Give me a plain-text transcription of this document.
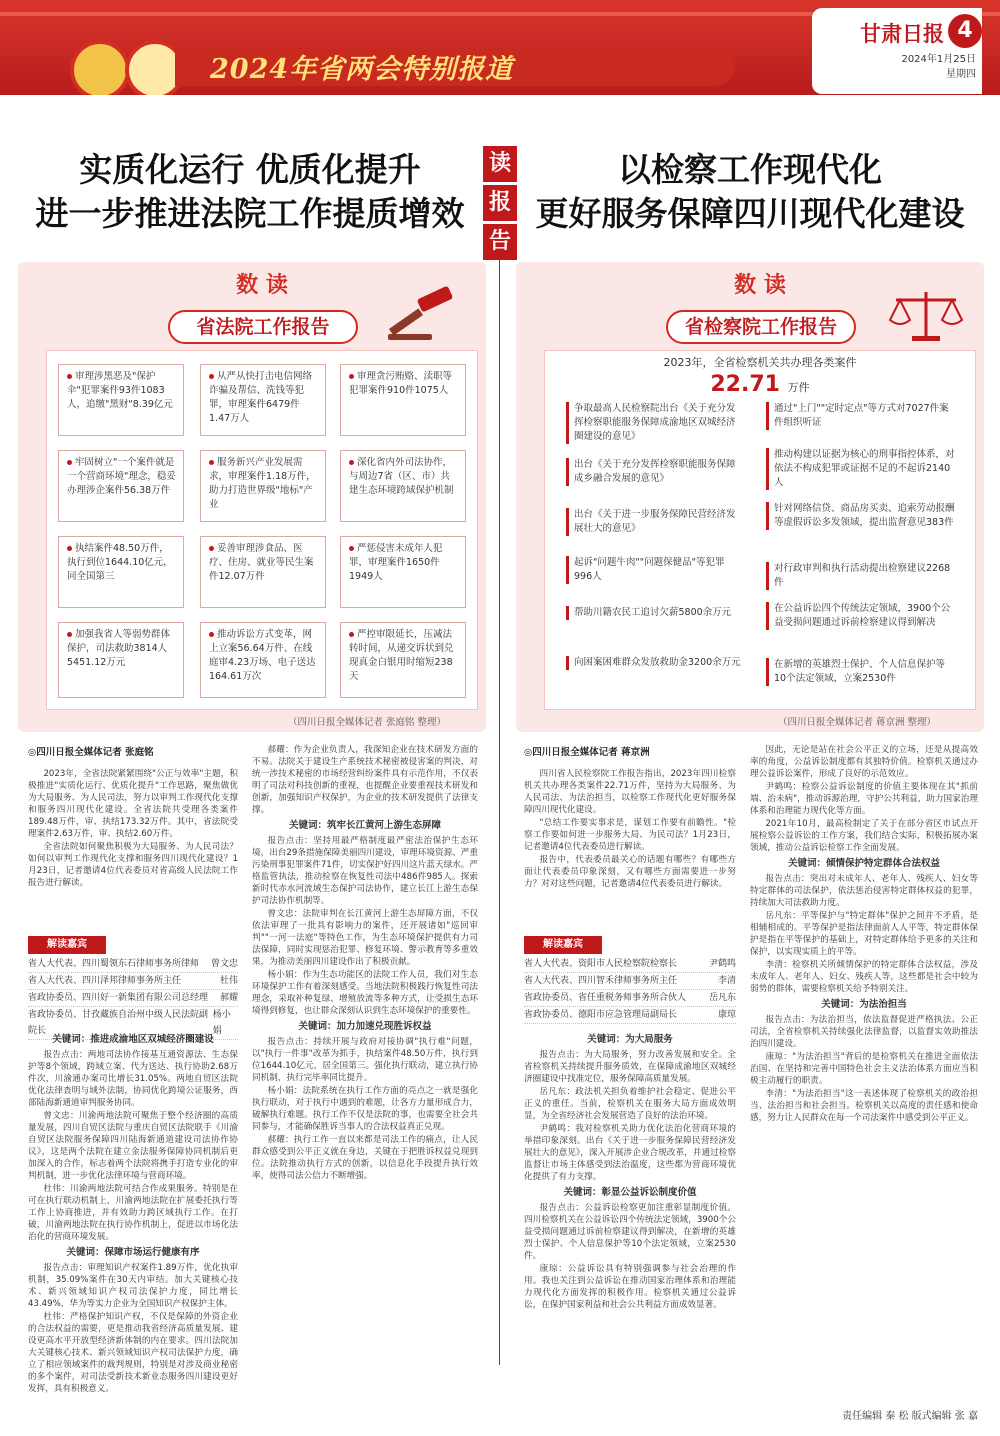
2024年省两会特别报道
甘肃日报 4
2024年1月25日
星期四
实质化运行 优质化提升
进一步推进法院工作提质增效
以检察工作现代化
更好服务保障四川现代化建设
读
报
告
数 读
省法院工作报告
审理涉黑恶及"保护伞"犯罪案件93件1083人，追缴"黑财"8.39亿元
从严从快打击电信网络诈骗及帮信、洗钱等犯罪，审理案件6479件1.47万人
审理贪污贿赂、渎职等犯罪案件910件1075人
牢固树立"一个案件就是一个营商环境"理念，稳妥办理涉企案件56.38万件
服务新兴产业发展需求，审理案件1.18万件，助力打造世界级"地标"产业
深化省内外司法协作，与周边7省（区、市）共建生态环境跨域保护机制
执结案件48.50万件，执行到位1644.10亿元，同全国第三
妥善审理涉食品、医疗、住房、就业等民生案件12.07万件
严惩侵害未成年人犯罪，审理案件1650件1949人
加强我省人等弱势群体保护，司法救助3814人5451.12万元
推动诉讼方式变革，网上立案56.64万件、在线庭审4.23万场、电子送达164.61万次
严控审限延长，压减法转时间，从递交诉状到兑现真金白银用时缩短238天
（四川日报全媒体记者 张庭铭 整理）
数 读
省检察院工作报告
2023年，全省检察机关共办理各类案件
22.71 万件
争取最高人民检察院出台《关于充分发挥检察职能服务保障成渝地区双城经济圈建设的意见》
出台《关于充分发挥检察职能服务保障成乡融合发展的意见》
出台《关于进一步服务保障民营经济发展壮大的意见》
起诉"问题牛肉""问题保健品"等犯罪996人
帮助川籍农民工追讨欠薪5800余万元
向困案困难群众发放救助金3200余万元
通过"上门""定时定点"等方式对7027件案件组织听证
推动构建以证据为核心的刑事指控体系，对依法不构成犯罪或证据不足的不起诉2140人
针对网络信贷、商品房买卖、追索劳动报酬等虚假诉讼多发领域，提出监督意见383件
对行政审判和执行活动提出检察建议2268件
在公益诉讼四个传统法定领域，3900个公益受损问题通过诉前检察建议得到解决
在新增的英雄烈士保护、个人信息保护等10个法定领域，立案2530件
（四川日报全媒体记者 蒋京洲 整理）
◎四川日报全媒体记者 张庭铭

2023年，全省法院紧紧围绕"公正与效率"主题，积极推进"实质化运行、优质化提升"工作思路，聚焦做优为大局服务、为人民司法，努力以审判工作现代化支撑和服务四川现代化建设。全省法院共受理各类案件189.48万件，审、执结173.32万件。其中，省法院受理案件2.63万件，审、执结2.60万件。

全省法院如何聚焦积极为大局服务、为人民司法？如何以审判工作现代化支撑和服务四川现代化建设？1月23日，记者邀请4位代表委员对省高级人民法院工作报告进行解读。

解读嘉宾
省人大代表、四川蜀领东石律师事务所律师 曾文忠
省人大代表、四川泽邦律师事务所主任	杜伟
省政协委员、四川好一新集团有限公司总经理 郝耀
省政协委员、甘孜藏族自治州中级人民法院副院长
杨小娟

关键词：推进成渝地区双城经济圈建设

报告点击：两地司法协作接基互通资源法、生态保护等8个领域，跨域立案、代为送达、执行协助2.68万件次，川渝通办案司比增长31.05%。两地自贸区法院优化法律查明与域外法制，协同优化跨境公证服务，西部陆海新通道审判服务协同。

曾文忠：川渝两地法院可聚焦于整个经济圈的高质量发展，四川自贸区法院与重庆自贸区法院联手《川渝自贸区法院服务保障四川陆海新通道建设司法协作协议》，这是两个法院在建立金法服务保障协同机制后更加深入的合作，标志着两个法院将携手打造专业化的审判机制，进一步优化法律环境与营商环境。

杜伟：川渝两地法院可结合作成果服务。特别是在可在执行联动机制上，川渝两地法院在扩展委托执行等工作上协商推进，并有效助力跨区域执行工作。在打破，川渝两地法院在执行协作机制上，促进以市场化法治化的营商环境发展。

关键词：保障市场运行健康有序

报告点击：审理知识产权案件1.89万件，优化执审机制，35.09%案件在30天内审结。加大关键核心技术、新兴领域知识产权司法保护力度，同比增长43.49%，华为等实力企业为全国知识产权保护主体。

杜伟：严格保护知识产权，不仅是保障的外资企业的合法权益的需要，更是推动我省经济高质量发展、建设更高水平开放型经济新体制的内在要求。四川法院加大关键核心技术、新兴领域知识产权司法保护力度，确立了相应领域案件的裁判规则，特别是对涉及商业秘密的多个案件，对司法受新技术新业态服务四川建设更好发挥，具有积极意义。

郝耀：作为企业负责人，我深知企业在技术研发方面的不易。法院关于建设生产系统技术秘密被侵害案的判决，对统一涉技术秘密的市场经营纠纷案件具有示范作用，不仅表明了司法对科技创新的重视，也提醒企业要重视技术研发和创新，加强知识产权保护，为企业的技术研发提供了法律支撑。

关键词：筑牢长江黄河上游生态屏障

报告点击：坚持用最严格制度最严密法治保护生态环境，出台29条措施保障美丽四川建设，审理环境资源、严重污染刑事犯罪案件71件，切实保护好四川这片蓝天绿水。严格监管执法，推动检察在恢复性司法中486件985人。探索新时代赤水河流域生态保护司法协作，建立长江上游生态保护司法协作机制等。

曾文忠：法院审判在长江黄河上游生态屏障方面，不仅依法审理了一批具有影响力的案件，还开展诸如"巡回审判""一河一法庭"等特色工作，为生态环境保护提供有力司法保障，同时实现惩治犯罪、修复环境、警示教育等多重效果，为推动美丽四川建设作出了积极贡献。

杨小娟：作为生态功能区的法院工作人员，我们对生态环境保护工作有着深刻感受。当地法院积极践行恢复性司法理念，采取补种复绿、增殖放流等多种方式，让受损生态环境得到修复，也让群众深刻认识到生态环境保护的重要性。

关键词：加力加速兑现胜诉权益

报告点击：持续开展与政府对接协调"执行难"问题，以"执行一件事"改革为抓手，执结案件48.50万件，执行到位1644.10亿元，居全国第三。强化执行联动，建立执行协同机制，执行完毕率同比提升。

杨小娟：法院系统在执行工作方面的亮点之一就是强化执行联动，对于执行中遇到的难题，让各方力量形成合力，破解执行难题。执行工作不仅是法院的事，也需要全社会共同参与，才能确保胜诉当事人的合法权益真正兑现。

郝耀：执行工作一直以来都是司法工作的痛点，让人民群众感受到公平正义就在身边，关键在于把胜诉权益兑现到位。法院推动执行方式的创新，以信息化手段提升执行效率，使得司法公信力不断增强。

◎四川日报全媒体记者 蒋京洲

四川省人民检察院工作报告指出，2023年四川检察机关共办理各类案件22.71万件，坚持为大局服务、为人民司法、为法治担当，以检察工作现代化更好服务保障四川现代化建设。

"总结工作要实事求是，谋划工作要有前瞻性。"检察工作要如何进一步服务大局、为民司法？1月23日，记者邀请4位代表委员进行解读。

报告中，代表委员最关心的话题有哪些？有哪些方面让代表委员印象深刻，又有哪些方面需要进一步努力？对对这些问题，记者邀请4位代表委员进行解读。

解读嘉宾
省人大代表、资阳市人民检察院检察长	尹鹤鸣
省人大代表、四川智禾律师事务所主任	李清
省政协委员、省任重税务师事务所合伙人	岳凡东
省政协委员、德阳市应急管理局副局长	康琼

关键词：为大局服务

报告点击：为大局服务，努力改善发展和安全。全省检察机关持续提升服务质效，在保障成渝地区双城经济圈建设中找准定位，服务保障高质量发展。

岳凡东：政法机关担负着维护社会稳定、促进公平正义的重任。当前，检察机关在服务大局方面成效明显，为全省经济社会发展营造了良好的法治环境。

尹鹤鸣：我对检察机关助力优化法治化营商环境的举措印象深刻。出台《关于进一步服务保障民营经济发展壮大的意见》，深入开展涉企业合规改革，并通过检察监督让市场主体感受到法治温度，这些都为营商环境优化提供了有力支撑。

关键词：彰显公益诉讼制度价值

报告点击：公益诉讼检察更加注重彰显制度价值。四川检察机关在公益诉讼四个传统法定领域，3900个公益受损问题通过诉前检察建议得到解决，在新增的英雄烈士保护、个人信息保护等10个法定领域，立案2530件。

康琼：公益诉讼具有特别强调参与社会治理的作用。我也关注到公益诉讼在推动国家治理体系和治理能力现代化方面发挥的积极作用。检察机关通过公益诉讼，在保护国家利益和社会公共利益方面成效显著。

因此，无论是站在社会公平正义的立场，还是从提高效率的角度，公益诉讼制度都有其独特价值。检察机关通过办理公益诉讼案件，形成了良好的示范效应。

尹鹤鸣：检察公益诉讼制度的价值主要体现在其"抓前端、治未病"，推动诉源治理，守护公共利益，助力国家治理体系和治理能力现代化等方面。

2021年10月，最高检制定了关于在部分省区市试点开展检察公益诉讼的工作方案，我们结合实际，积极拓展办案领域，推动公益诉讼检察工作全面发展。

关键词：倾情保护特定群体合法权益

报告点击：突出对未成年人、老年人、残疾人、妇女等特定群体的司法保护，依法惩治侵害特定群体权益的犯罪，持续加大司法救助力度。

岳凡东：平等保护与"特定群体"保护之间并不矛盾，是相辅相成的。平等保护是指法律面前人人平等，特定群体保护是指在平等保护的基础上，对特定群体给予更多的关注和保护，以实现实质上的平等。

李清：检察机关所倾情保护的特定群体合法权益，涉及未成年人、老年人、妇女、残疾人等，这些都是社会中较为弱势的群体，需要检察机关给予特别关注。

关键词：为法治担当

报告点击：为法治担当，依法监督促进严格执法、公正司法，全省检察机关持续强化法律监督，以监督实效助推法治四川建设。

康琼："为法治担当"背后的是检察机关在推进全面依法治国、在坚持和完善中国特色社会主义法治体系方面应当积极主动履行的职责。

李清："为法治担当"这一表述体现了检察机关的政治担当、法治担当和社会担当。检察机关以高度的责任感和使命感，努力让人民群众在每一个司法案件中感受到公平正义。

责任编辑 秦 松 版式编辑 张 嘉
